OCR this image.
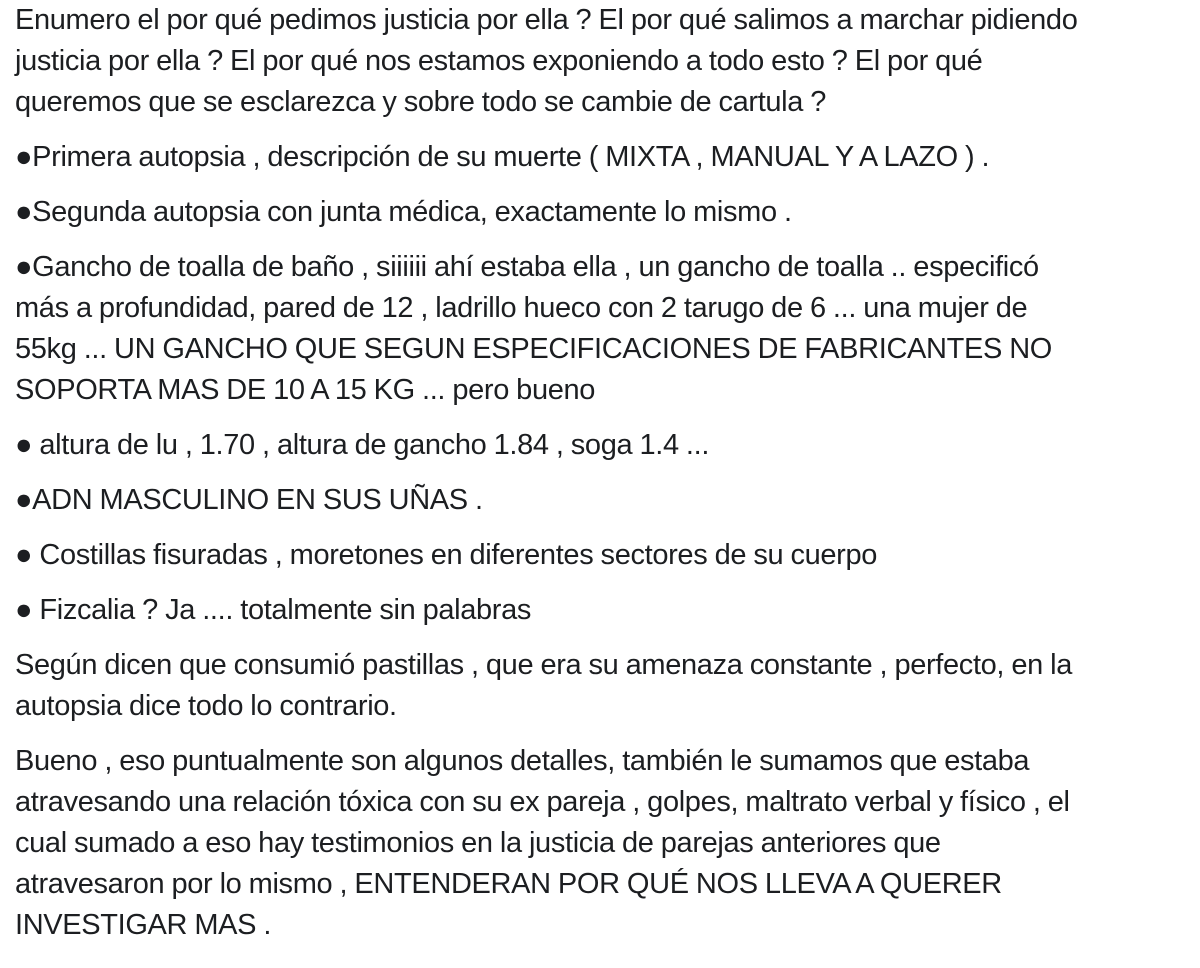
Enumero el por qué pedimos justicia por ella ? El por qué salimos a marchar pidiendo
justicia por ella ? El por qué nos estamos exponiendo a todo esto ? El por qué
queremos que se esclarezca y sobre todo se cambie de cartula ?

●Primera autopsia , descripción de su muerte ( MIXTA , MANUAL Y A LAZO ) .

●Segunda autopsia con junta médica, exactamente lo mismo .

●Gancho de toalla de baño , siiiiii ahí estaba ella , un gancho de toalla .. especificó
más a profundidad, pared de 12 , ladrillo hueco con 2 tarugo de 6 ... una mujer de
55kg ... UN GANCHO QUE SEGUN ESPECIFICACIONES DE FABRICANTES NO
SOPORTA MAS DE 10 A 15 KG ... pero bueno

● altura de lu , 1.70 , altura de gancho 1.84 , soga 1.4 ...

●ADN MASCULINO EN SUS UÑAS .

● Costillas fisuradas , moretones en diferentes sectores de su cuerpo

● Fizcalia ? Ja .... totalmente sin palabras

Según dicen que consumió pastillas , que era su amenaza constante , perfecto, en la
autopsia dice todo lo contrario.

Bueno , eso puntualmente son algunos detalles, también le sumamos que estaba
atravesando una relación tóxica con su ex pareja , golpes, maltrato verbal y físico , el
cual sumado a eso hay testimonios en la justicia de parejas anteriores que
atravesaron por lo mismo , ENTENDERAN POR QUÉ NOS LLEVA A QUERER
INVESTIGAR MAS .
